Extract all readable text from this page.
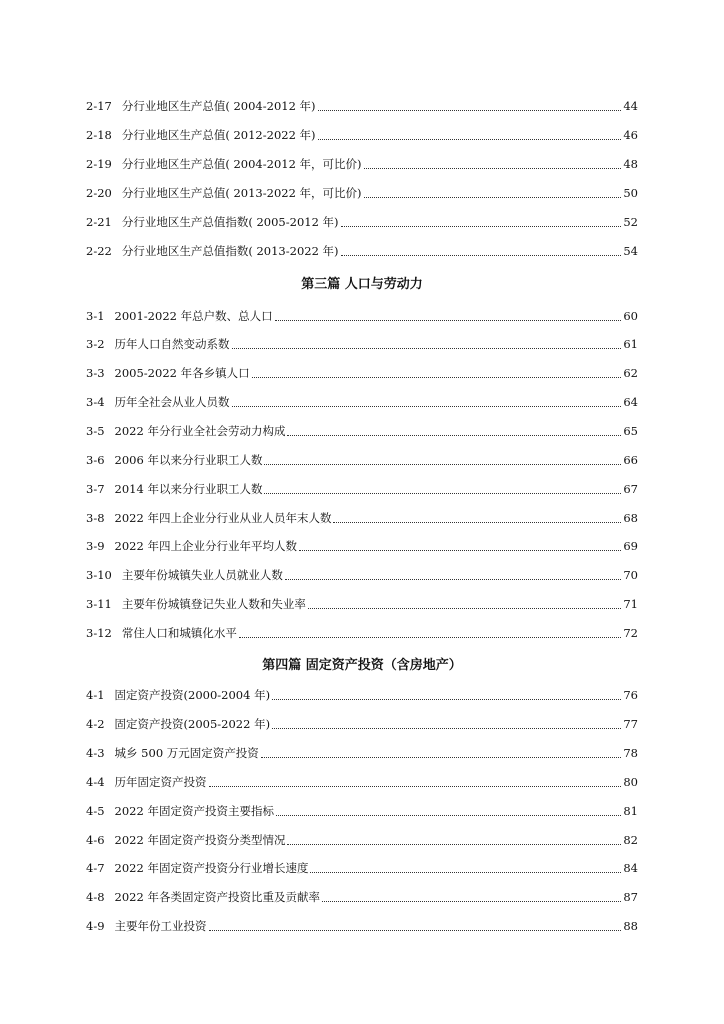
2-17 分行业地区生产总值( 2004-2012 年)	44
2-18 分行业地区生产总值( 2012-2022 年)	46
2-19 分行业地区生产总值( 2004-2012 年，可比价)	48
2-20 分行业地区生产总值( 2013-2022 年，可比价)	50
2-21 分行业地区生产总值指数( 2005-2012 年)	52
2-22 分行业地区生产总值指数( 2013-2022 年)	54
第三篇 人口与劳动力
3-1 2001-2022 年总户数、总人口	60
3-2 历年人口自然变动系数	61
3-3 2005-2022 年各乡镇人口	62
3-4 历年全社会从业人员数	64
3-5 2022 年分行业全社会劳动力构成	65
3-6 2006 年以来分行业职工人数	66
3-7 2014 年以来分行业职工人数	67
3-8 2022 年四上企业分行业从业人员年末人数	68
3-9 2022 年四上企业分行业年平均人数	69
3-10 主要年份城镇失业人员就业人数	70
3-11 主要年份城镇登记失业人数和失业率	71
3-12 常住人口和城镇化水平	72
第四篇 固定资产投资（含房地产）
4-1 固定资产投资(2000-2004 年)	76
4-2 固定资产投资(2005-2022 年)	77
4-3 城乡 500 万元固定资产投资	78
4-4 历年固定资产投资	80
4-5 2022 年固定资产投资主要指标	81
4-6 2022 年固定资产投资分类型情况	82
4-7 2022 年固定资产投资分行业增长速度	84
4-8 2022 年各类固定资产投资比重及贡献率	87
4-9 主要年份工业投资	88
